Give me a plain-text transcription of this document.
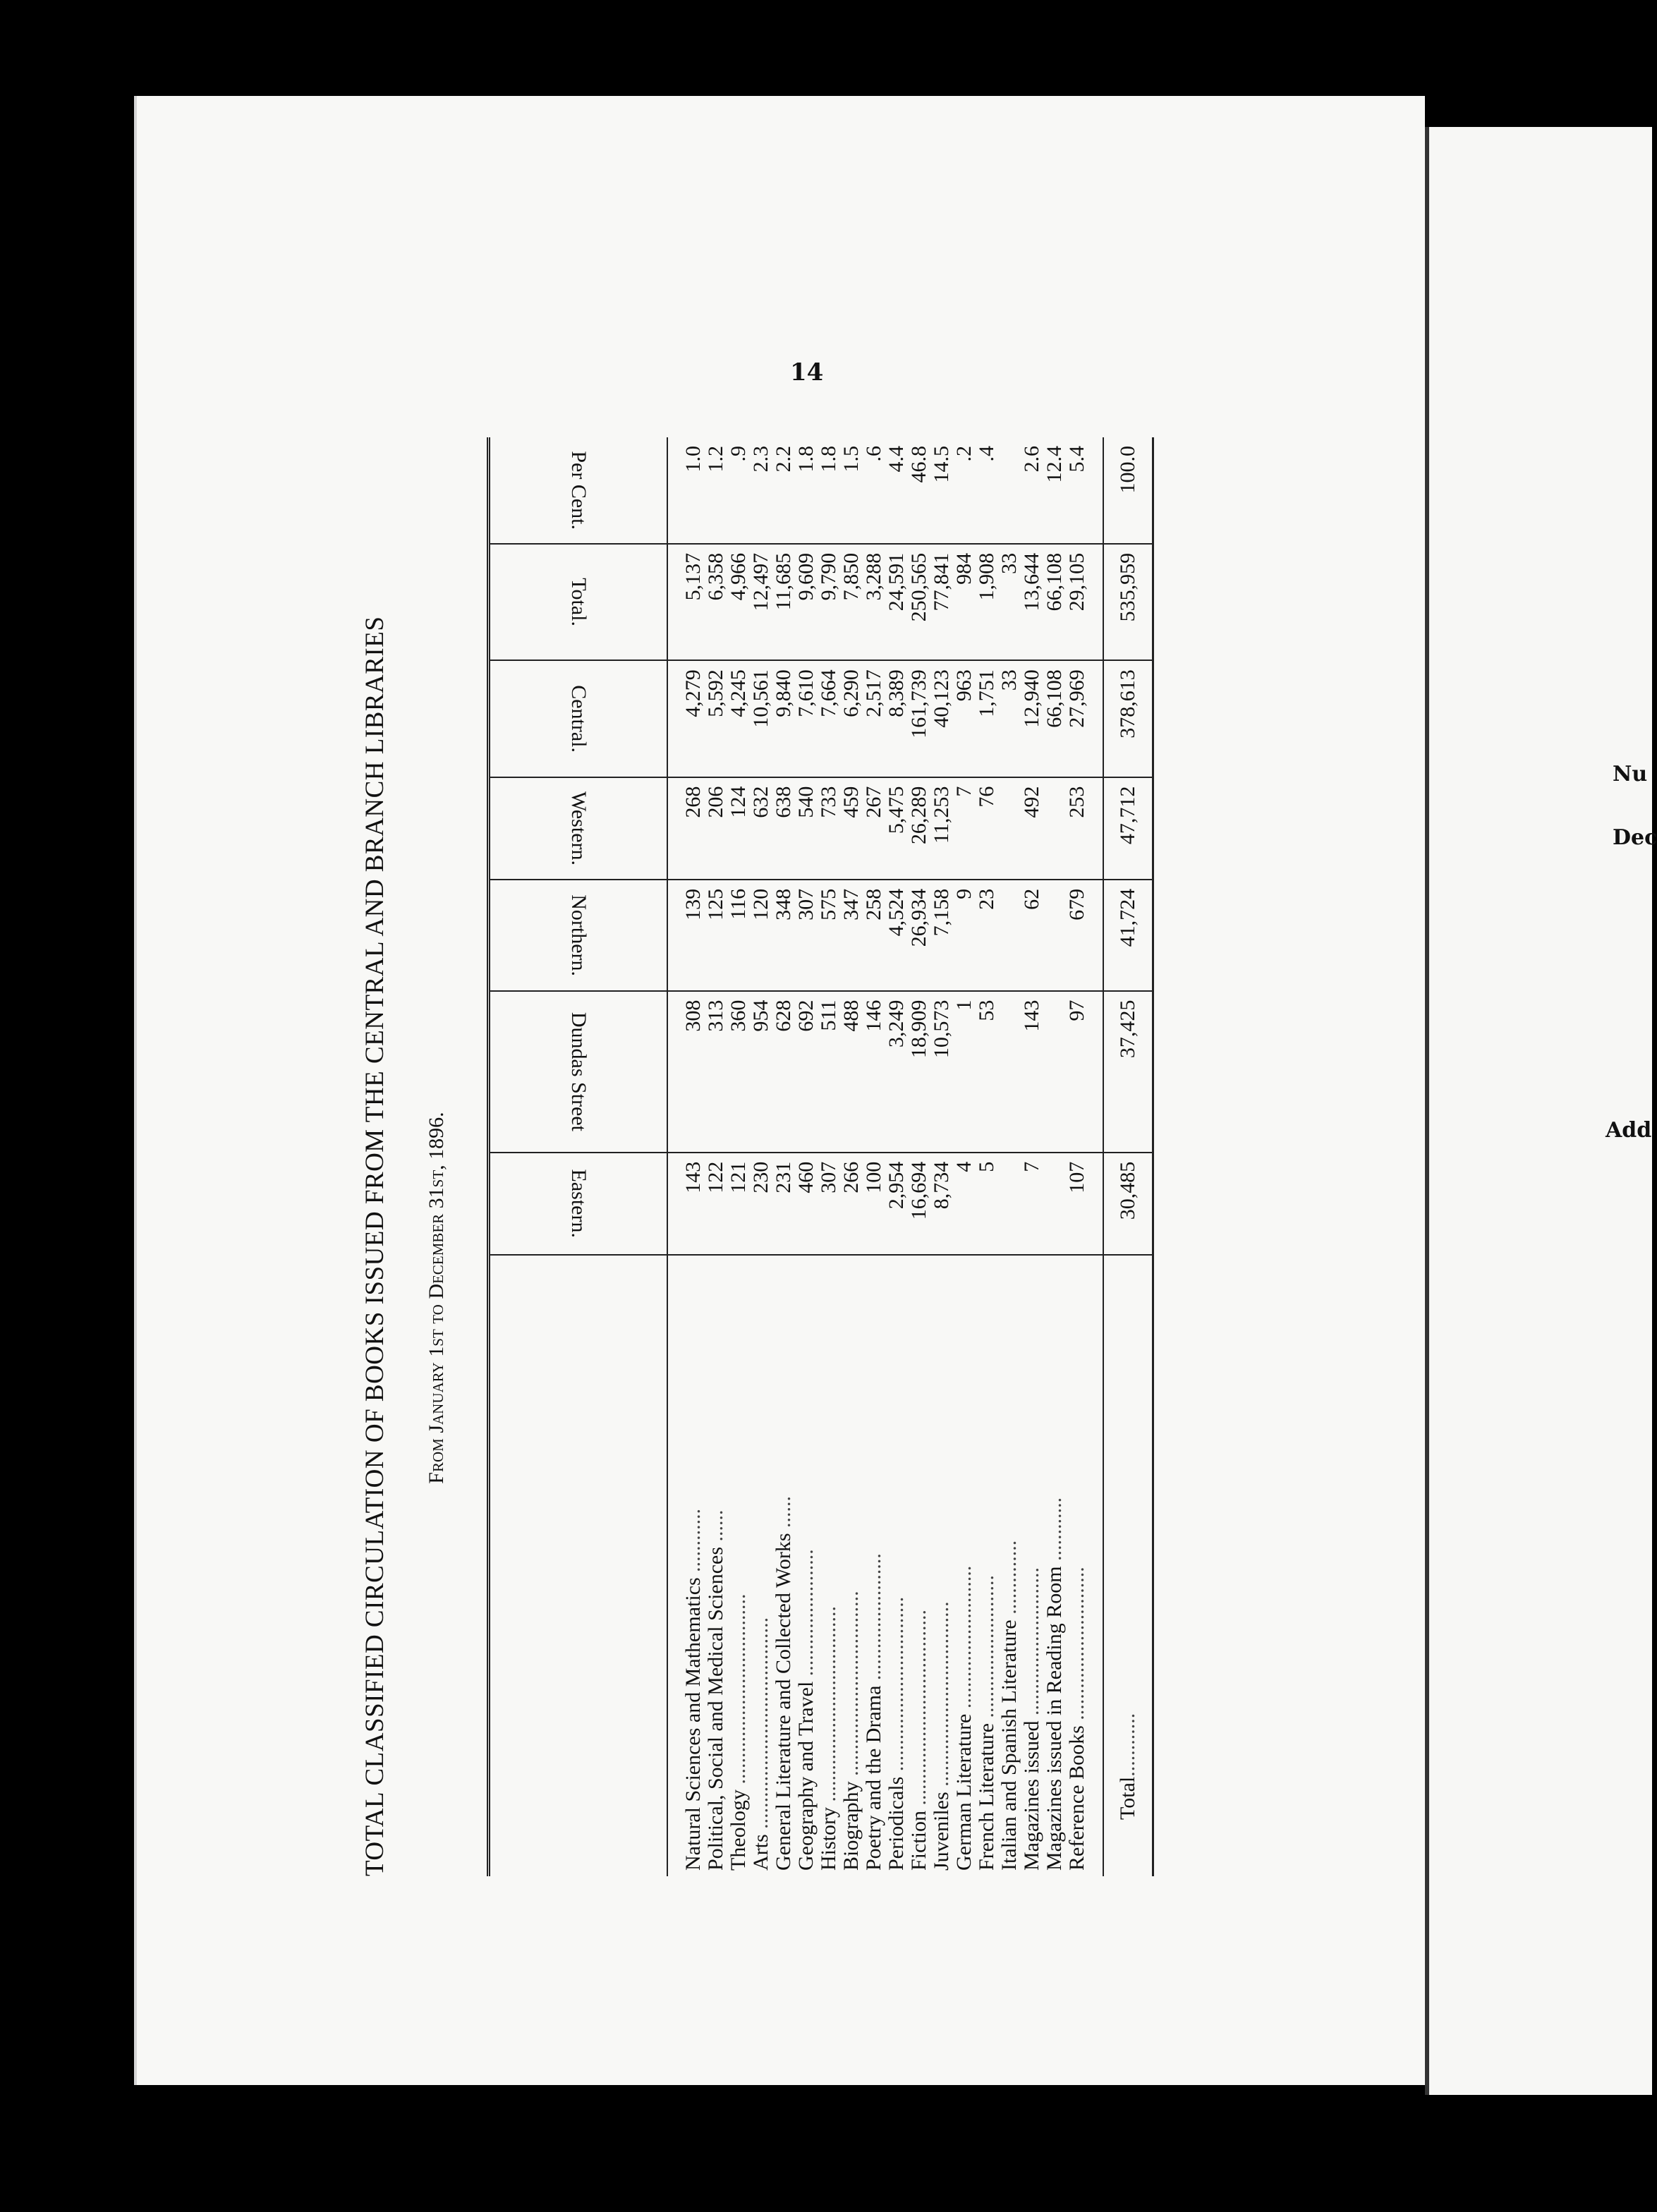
Nu
Dec
Add
14
TOTAL CLASSIFIED CIRCULATION OF BOOKS ISSUED FROM THE CENTRAL AND BRANCH LIBRARIES From January 1st to December 31st, 1896.
		Eastern.	Dundas Street	Northern.	Western.	Central.	Total.	Per Cent.
Natural Sciences and Mathematics ............	143	308	139	268	4,279	5,137	1.0
Political, Social and Medical Sciences ......	122	313	125	206	5,592	6,358	1.2
Theology ....................................	121	360	116	124	4,245	4,966	.9
Arts ........................................	230	954	120	632	10,561	12,497	2.3
General Literature and Collected Works ......	231	628	348	638	9,840	11,685	2.2
Geography and Travel ........................	460	692	307	540	7,610	9,609	1.8
History .....................................	307	511	575	733	7,664	9,790	1.8
Biography ...................................	266	488	347	459	6,290	7,850	1.5
Poetry and the Drama ........................	100	146	258	267	2,517	3,288	.6
Periodicals .................................	2,954	3,249	4,524	5,475	8,389	24,591	4.4
Fiction .....................................	16,694	18,909	26,934	26,289	161,739	250,565	46.8
Juveniles ...................................	8,734	10,573	7,158	11,253	40,123	77,841	14.5
German Literature ...........................	4	1	9	7	963	984	.2
French Literature ...........................	5	53	23	76	1,751	1,908	.4
Italian and Spanish Literature ..............					33	33	
Magazines issued ............................	7	143	62	492	12,940	13,644	2.6
Magazines issued in Reading Room ............					66,108	66,108	12.4
Reference Books .............................	107	97	679	253	27,969	29,105	5.4
Total............	30,485	37,425	41,724	47,712	378,613	535,959	100.0
